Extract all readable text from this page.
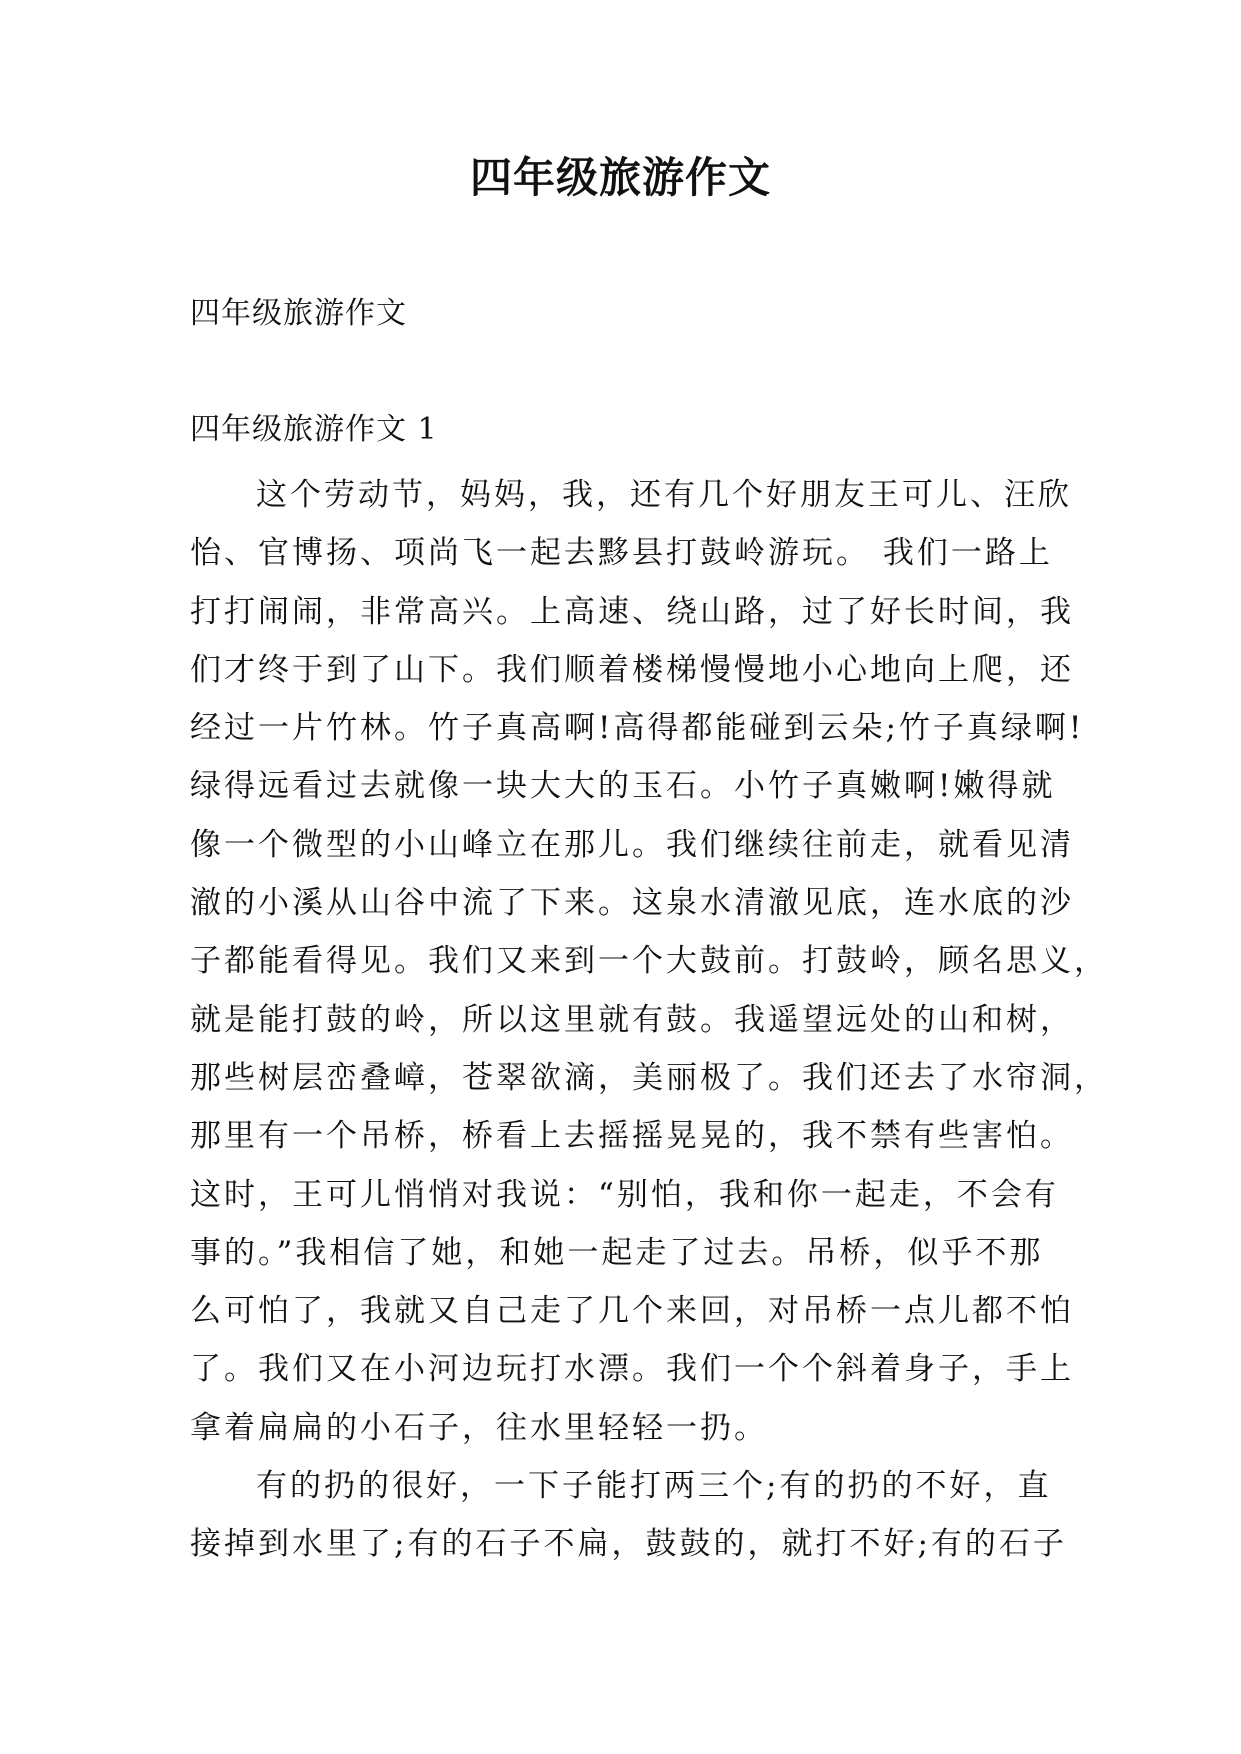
四年级旅游作文
四年级旅游作文
四年级旅游作文 1
这个劳动节，妈妈，我，还有几个好朋友王可儿、汪欣
怡、官博扬、项尚飞一起去黟县打鼓岭游玩。 我们一路上
打打闹闹，非常高兴。上高速、绕山路，过了好长时间，我
们才终于到了山下。我们顺着楼梯慢慢地小心地向上爬，还
经过一片竹林。竹子真高啊!高得都能碰到云朵;竹子真绿啊!
绿得远看过去就像一块大大的玉石。小竹子真嫩啊!嫩得就
像一个微型的小山峰立在那儿。我们继续往前走，就看见清
澈的小溪从山谷中流了下来。这泉水清澈见底，连水底的沙
子都能看得见。我们又来到一个大鼓前。打鼓岭，顾名思义，
就是能打鼓的岭，所以这里就有鼓。我遥望远处的山和树，
那些树层峦叠嶂，苍翠欲滴，美丽极了。我们还去了水帘洞，
那里有一个吊桥，桥看上去摇摇晃晃的，我不禁有些害怕。
这时，王可儿悄悄对我说：“别怕，我和你一起走，不会有
事的。”我相信了她，和她一起走了过去。吊桥，似乎不那
么可怕了，我就又自己走了几个来回，对吊桥一点儿都不怕
了。我们又在小河边玩打水漂。我们一个个斜着身子，手上
拿着扁扁的小石子，往水里轻轻一扔。
有的扔的很好，一下子能打两三个;有的扔的不好，直
接掉到水里了;有的石子不扁，鼓鼓的，就打不好;有的石子
